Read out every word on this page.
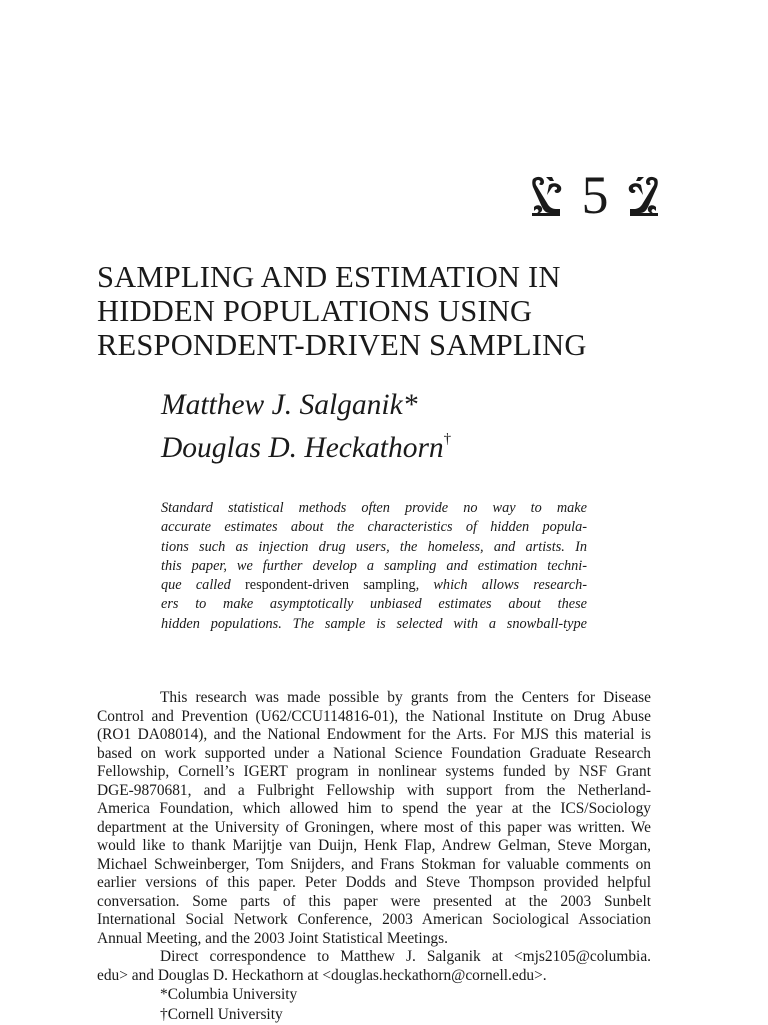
5
SAMPLING AND ESTIMATION IN
HIDDEN POPULATIONS USING
RESPONDENT-DRIVEN SAMPLING
Matthew J. Salganik*
Douglas D. Heckathorn†
Standard statistical methods often provide no way to make
accurate estimates about the characteristics of hidden popula-
tions such as injection drug users, the homeless, and artists. In
this paper, we further develop a sampling and estimation techni-
que called respondent-driven sampling, which allows research-
ers to make asymptotically unbiased estimates about these
hidden populations. The sample is selected with a snowball-type
This research was made possible by grants from the Centers for Disease
Control and Prevention (U62/CCU114816-01), the National Institute on Drug Abuse
(RO1 DA08014), and the National Endowment for the Arts. For MJS this material is
based on work supported under a National Science Foundation Graduate Research
Fellowship, Cornell’s IGERT program in nonlinear systems funded by NSF Grant
DGE-9870681, and a Fulbright Fellowship with support from the Netherland-
America Foundation, which allowed him to spend the year at the ICS/Sociology
department at the University of Groningen, where most of this paper was written. We
would like to thank Marijtje van Duijn, Henk Flap, Andrew Gelman, Steve Morgan,
Michael Schweinberger, Tom Snijders, and Frans Stokman for valuable comments on
earlier versions of this paper. Peter Dodds and Steve Thompson provided helpful
conversation. Some parts of this paper were presented at the 2003 Sunbelt
International Social Network Conference, 2003 American Sociological Association
Annual Meeting, and the 2003 Joint Statistical Meetings.
Direct correspondence to Matthew J. Salganik at <mjs2105@columbia.
edu> and Douglas D. Heckathorn at <douglas.heckathorn@cornell.edu>.
*Columbia University
†Cornell University
